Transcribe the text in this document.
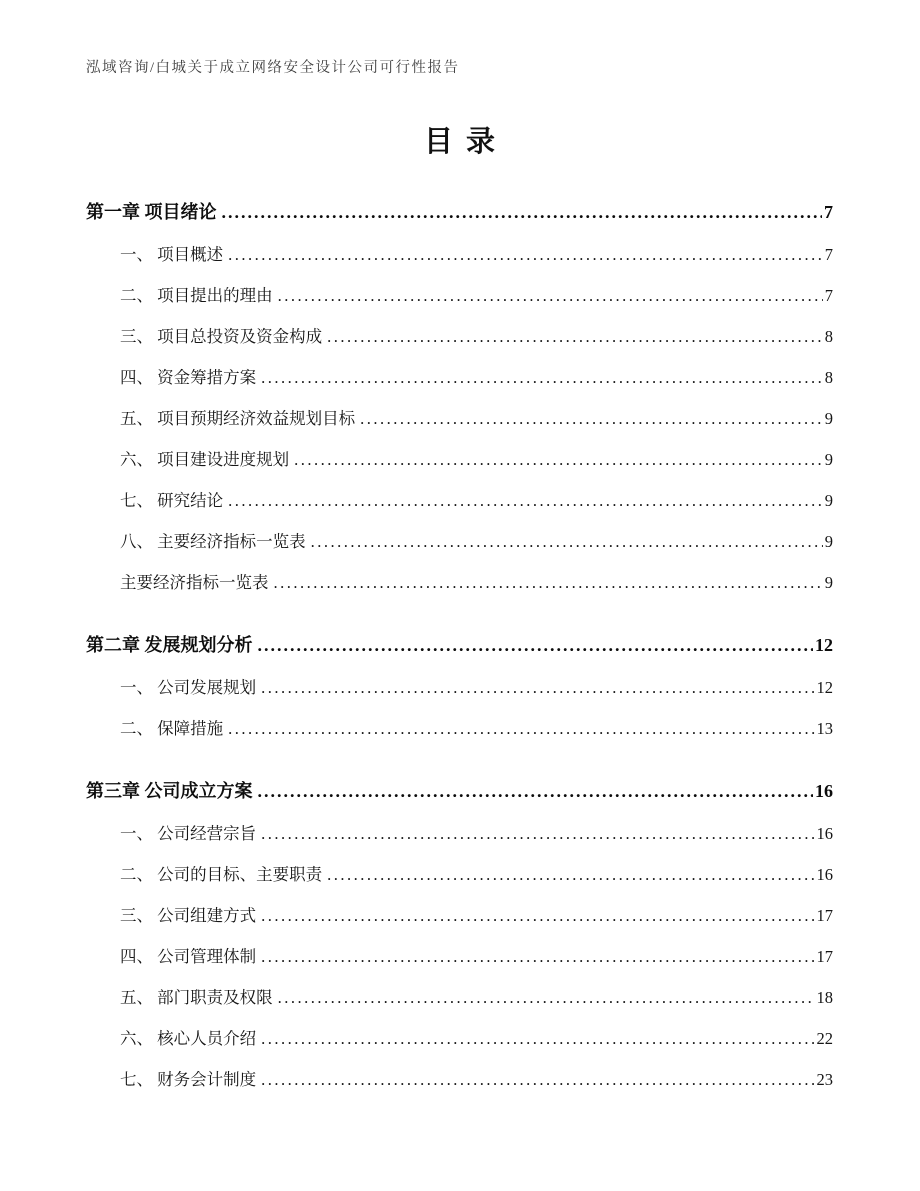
泓域咨询/白城关于成立网络安全设计公司可行性报告
目录
第一章 项目绪论 .....	7
一、 项目概述 .....	7
二、 项目提出的理由 .....	7
三、 项目总投资及资金构成 .....	8
四、 资金筹措方案 .....	8
五、 项目预期经济效益规划目标 .....	9
六、 项目建设进度规划 .....	9
七、 研究结论 .....	9
八、 主要经济指标一览表 .....	9
主要经济指标一览表 .....	9
第二章 发展规划分析 .....	12
一、 公司发展规划 .....	12
二、 保障措施 .....	13
第三章 公司成立方案 .....	16
一、 公司经营宗旨 .....	16
二、 公司的目标、主要职责 .....	16
三、 公司组建方式 .....	17
四、 公司管理体制 .....	17
五、 部门职责及权限 .....	18
六、 核心人员介绍 .....	22
七、 财务会计制度 .....	23
